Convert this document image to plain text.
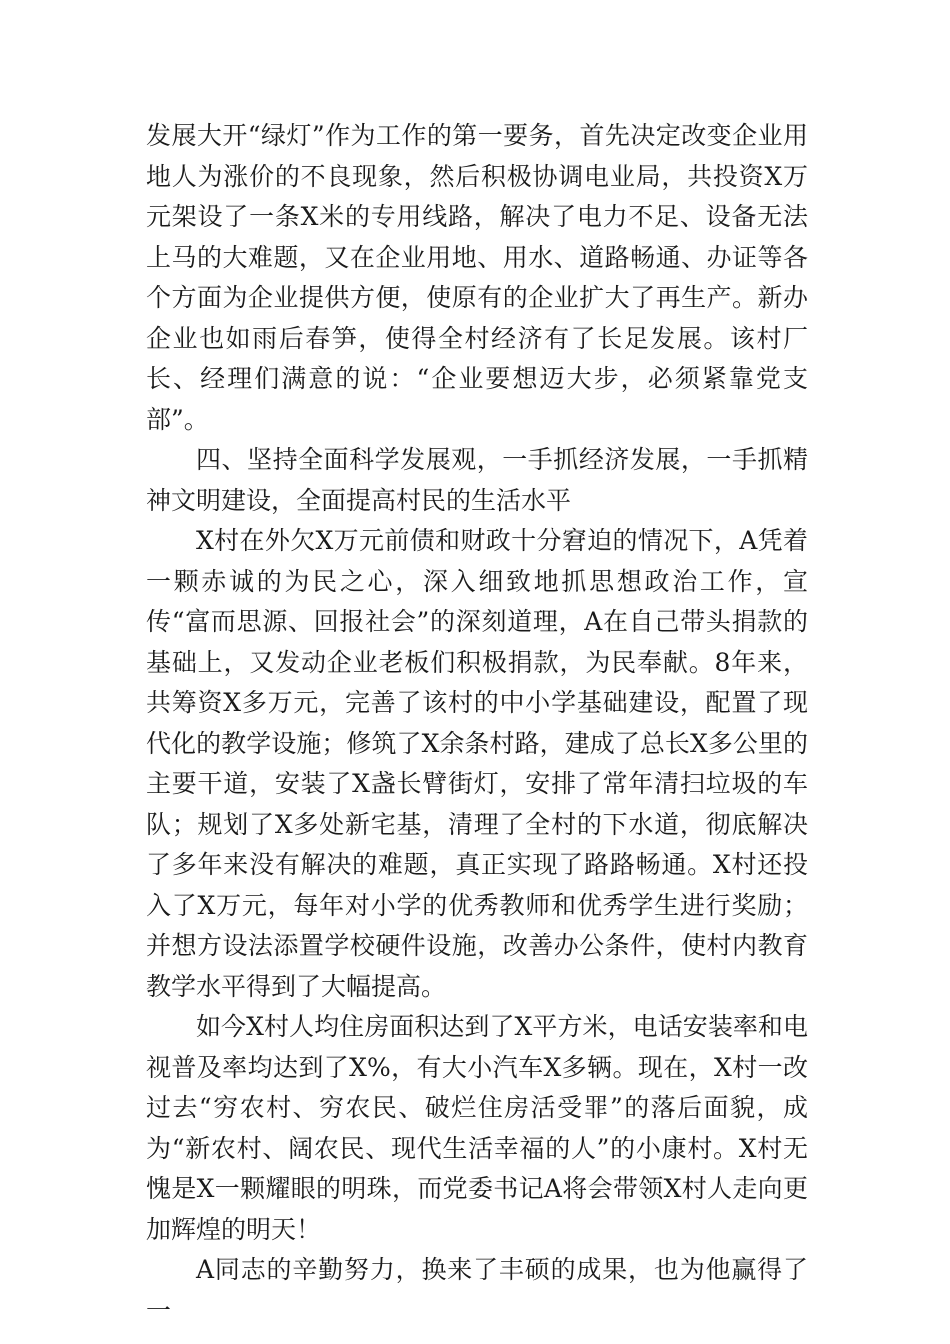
发展大开“绿灯”作为工作的第一要务，首先决定改变企业用地人为涨价的不良现象，然后积极协调电业局，共投资X万元架设了一条X米的专用线路，解决了电力不足、设备无法上马的大难题，又在企业用地、用水、道路畅通、办证等各个方面为企业提供方便，使原有的企业扩大了再生产。新办企业也如雨后春笋，使得全村经济有了长足发展。该村厂长、经理们满意的说：“企业要想迈大步，必须紧靠党支部”。

四、坚持全面科学发展观，一手抓经济发展，一手抓精神文明建设，全面提高村民的生活水平

X村在外欠X万元前债和财政十分窘迫的情况下，A凭着一颗赤诚的为民之心，深入细致地抓思想政治工作，宣传“富而思源、回报社会”的深刻道理，A在自己带头捐款的基础上，又发动企业老板们积极捐款，为民奉献。8年来，共筹资X多万元，完善了该村的中小学基础建设，配置了现代化的教学设施；修筑了X余条村路，建成了总长X多公里的主要干道，安装了X盏长臂街灯，安排了常年清扫垃圾的车队；规划了X多处新宅基，清理了全村的下水道，彻底解决了多年来没有解决的难题，真正实现了路路畅通。X村还投入了X万元，每年对小学的优秀教师和优秀学生进行奖励；并想方设法添置学校硬件设施，改善办公条件，使村内教育教学水平得到了大幅提高。

如今X村人均住房面积达到了X平方米，电话安装率和电视普及率均达到了X%，有大小汽车X多辆。现在，X村一改过去“穷农村、穷农民、破烂住房活受罪”的落后面貌，成为“新农村、阔农民、现代生活幸福的人”的小康村。X村无愧是X一颗耀眼的明珠，而党委书记A将会带领X村人走向更加辉煌的明天！

A同志的辛勤努力，换来了丰硕的成果，也为他赢得了一
